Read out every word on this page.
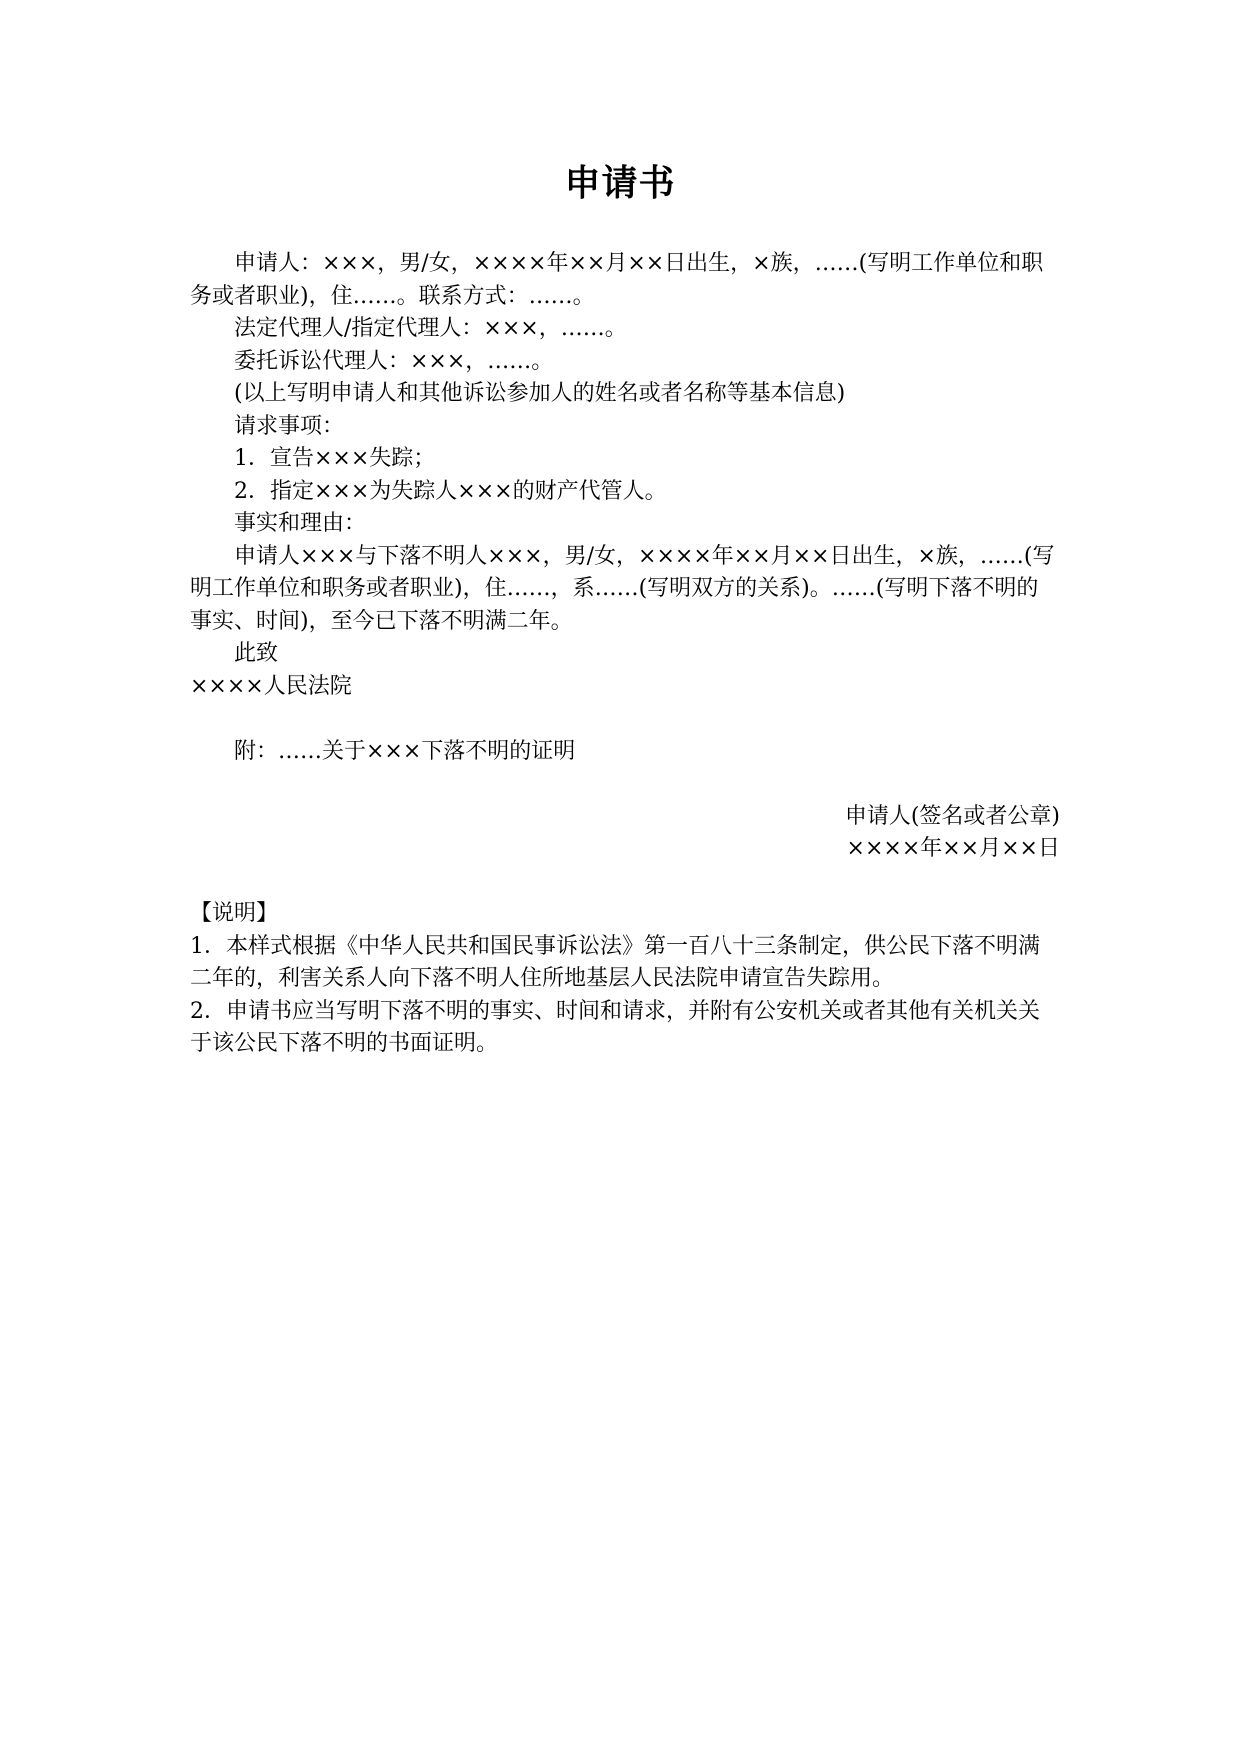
申请书

申请人：×××，男/女，××××年××月××日出生，×族，……(写明工作单位和职务或者职业)，住……。联系方式：……。

法定代理人/指定代理人：×××，……。

委托诉讼代理人：×××，……。

(以上写明申请人和其他诉讼参加人的姓名或者名称等基本信息)

请求事项：

1．宣告×××失踪；

2．指定×××为失踪人×××的财产代管人。

事实和理由：

申请人×××与下落不明人×××，男/女，××××年××月××日出生，×族，……(写明工作单位和职务或者职业)，住……，系……(写明双方的关系)。……(写明下落不明的事实、时间)，至今已下落不明满二年。

此致

××××人民法院

附：……关于×××下落不明的证明

申请人(签名或者公章)

××××年××月××日

【说明】

1．本样式根据《中华人民共和国民事诉讼法》第一百八十三条制定，供公民下落不明满二年的，利害关系人向下落不明人住所地基层人民法院申请宣告失踪用。

2．申请书应当写明下落不明的事实、时间和请求，并附有公安机关或者其他有关机关关于该公民下落不明的书面证明。
